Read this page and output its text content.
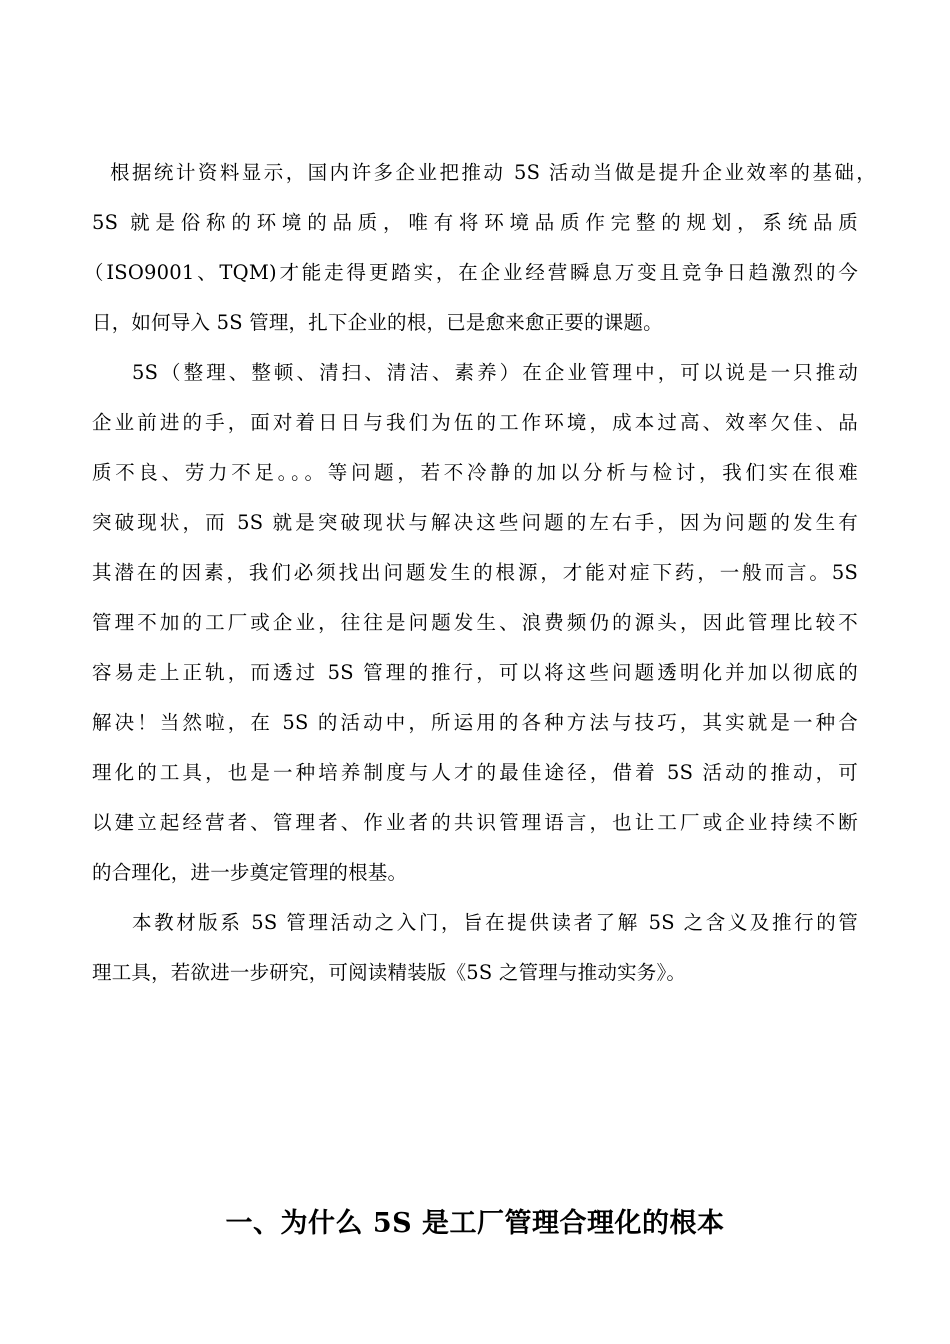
根据统计资料显示，国内许多企业把推动 5S 活动当做是提升企业效率的基础，
5S 就是俗称的环境的品质，唯有将环境品质作完整的规划，系统品质
（ISO9001、TQM)才能走得更踏实，在企业经营瞬息万变且竞争日趋激烈的今
日，如何导入 5S 管理，扎下企业的根，已是愈来愈正要的课题。
5S（整理、整顿、清扫、清洁、素养）在企业管理中，可以说是一只推动
企业前进的手，面对着日日与我们为伍的工作环境，成本过高、效率欠佳、品
质不良、劳力不足。。。等问题，若不冷静的加以分析与检讨，我们实在很难
突破现状，而 5S 就是突破现状与解决这些问题的左右手，因为问题的发生有
其潜在的因素，我们必须找出问题发生的根源，才能对症下药，一般而言。5S
管理不加的工厂或企业，往往是问题发生、浪费频仍的源头，因此管理比较不
容易走上正轨，而透过 5S 管理的推行，可以将这些问题透明化并加以彻底的
解决！当然啦，在 5S 的活动中，所运用的各种方法与技巧，其实就是一种合
理化的工具，也是一种培养制度与人才的最佳途径，借着 5S 活动的推动，可
以建立起经营者、管理者、作业者的共识管理语言，也让工厂或企业持续不断
的合理化，进一步奠定管理的根基。
本教材版系 5S 管理活动之入门，旨在提供读者了解 5S 之含义及推行的管
理工具，若欲进一步研究，可阅读精装版《5S 之管理与推动实务》。
一、为什么 5S 是工厂管理合理化的根本
